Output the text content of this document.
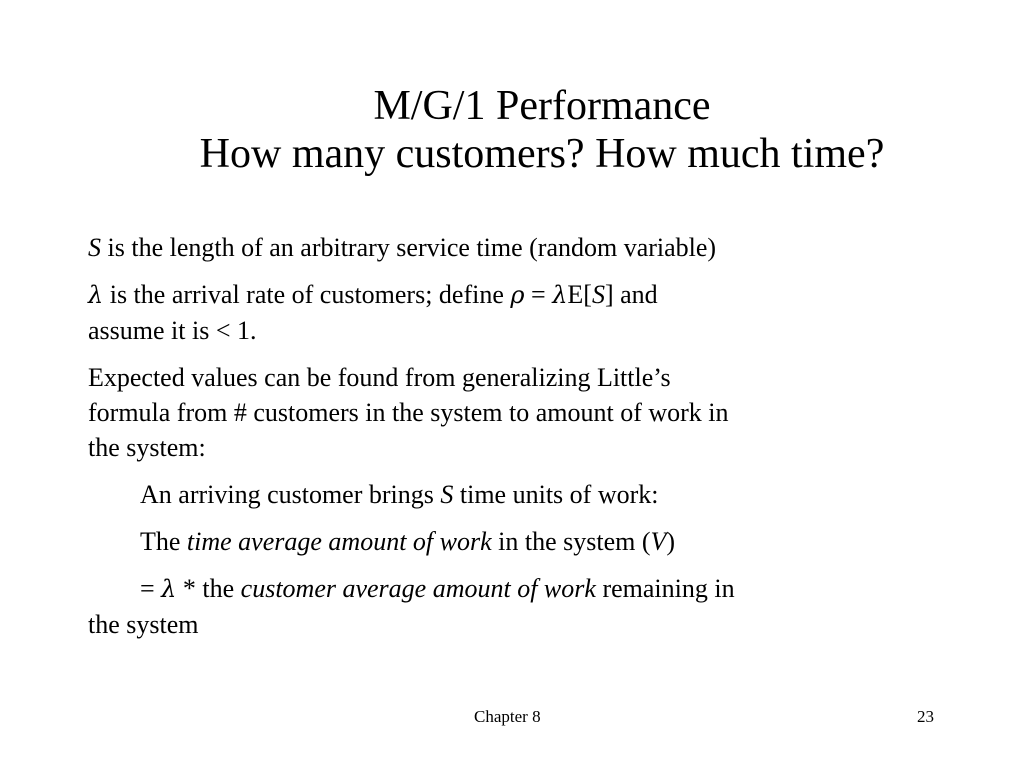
M/G/1 Performance
How many customers? How much time?

S is the length of an arbitrary service time (random variable)

λ is the arrival rate of customers; define ρ = λE[S] and
assume it is < 1.

Expected values can be found from generalizing Little’s
formula from # customers in the system to amount of work in
the system:

An arriving customer brings S time units of work:

The time average amount of work in the system (V)

= λ * the customer average amount of work remaining in
the system

Chapter 8	23
